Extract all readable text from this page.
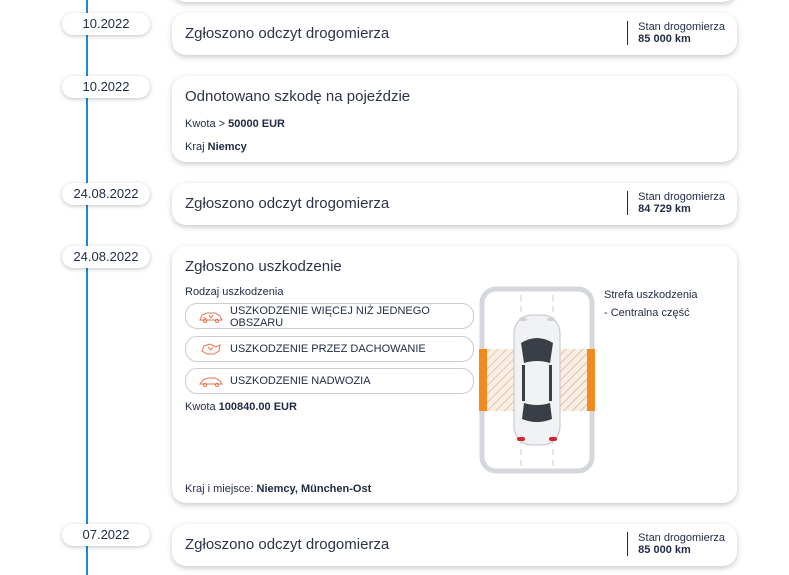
10.2022
Zgłoszono odczyt drogomierza	Stan drogomierza
85 000 km
10.2022
Odnotowano szkodę na pojeździe
Kwota > 50000 EUR
Kraj Niemcy
24.08.2022
Zgłoszono odczyt drogomierza	Stan drogomierza
84 729 km
24.08.2022
Zgłoszono uszkodzenie
Rodzaj uszkodzenia
USZKODZENIE WIĘCEJ NIŻ JEDNEGO OBSZARU
USZKODZENIE PRZEZ DACHOWANIE
USZKODZENIE NADWOZIA
Kwota 100840.00 EUR
Strefa uszkodzenia
- Centralna część
Kraj i miejsce: Niemcy, München-Ost
07.2022
Zgłoszono odczyt drogomierza	Stan drogomierza
85 000 km
